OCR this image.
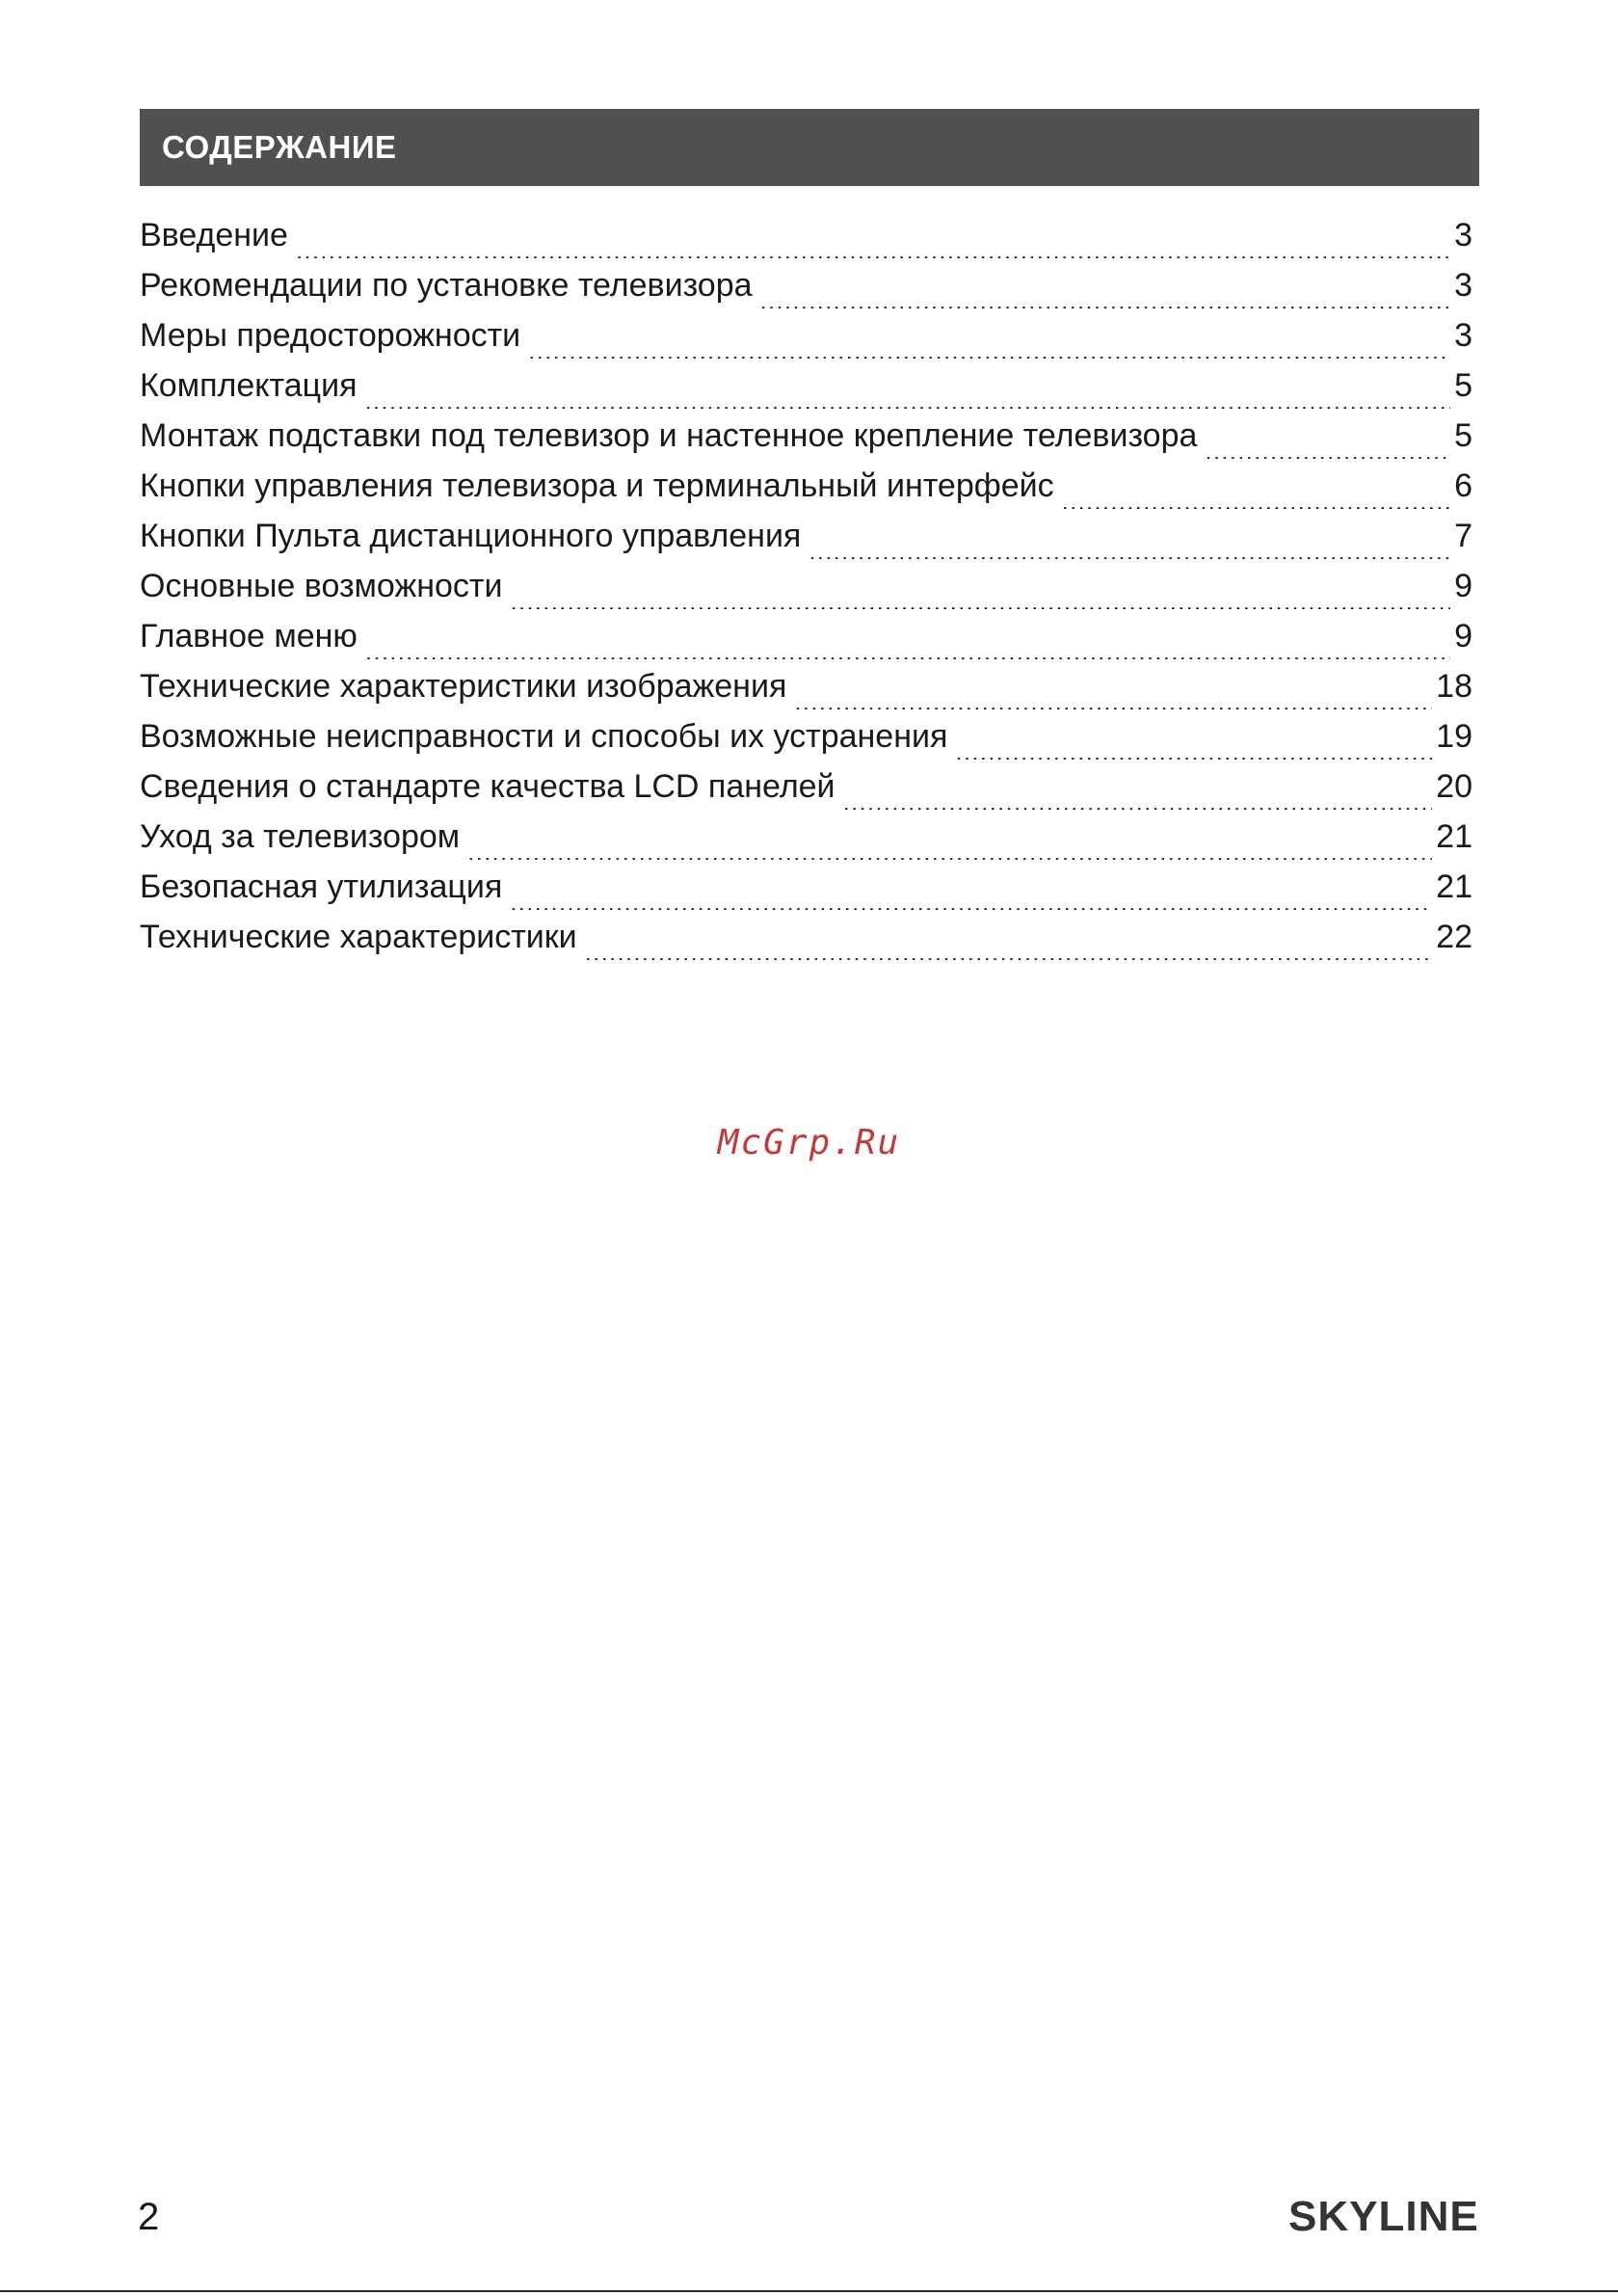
СОДЕРЖАНИЕ
Введение . . .	3
Рекомендации по установке телевизора . . .	3
Меры предосторожности . . .	3
Комплектация . . .	5
Монтаж подставки под телевизор и настенное крепление телевизора . . .	5
Кнопки управления телевизора и терминальный интерфейс . . .	6
Кнопки Пульта дистанционного управления . . .	7
Основные возможности . . .	9
Главное меню . . .	9
Технические характеристики изображения . . .	18
Возможные неисправности и способы их устранения . . .	19
Сведения о стандарте качества LCD панелей . . .	20
Уход за телевизором . . .	21
Безопасная утилизация . . .	21
Технические характеристики . . .	22
McGrp.Ru
2	SKYLINE
